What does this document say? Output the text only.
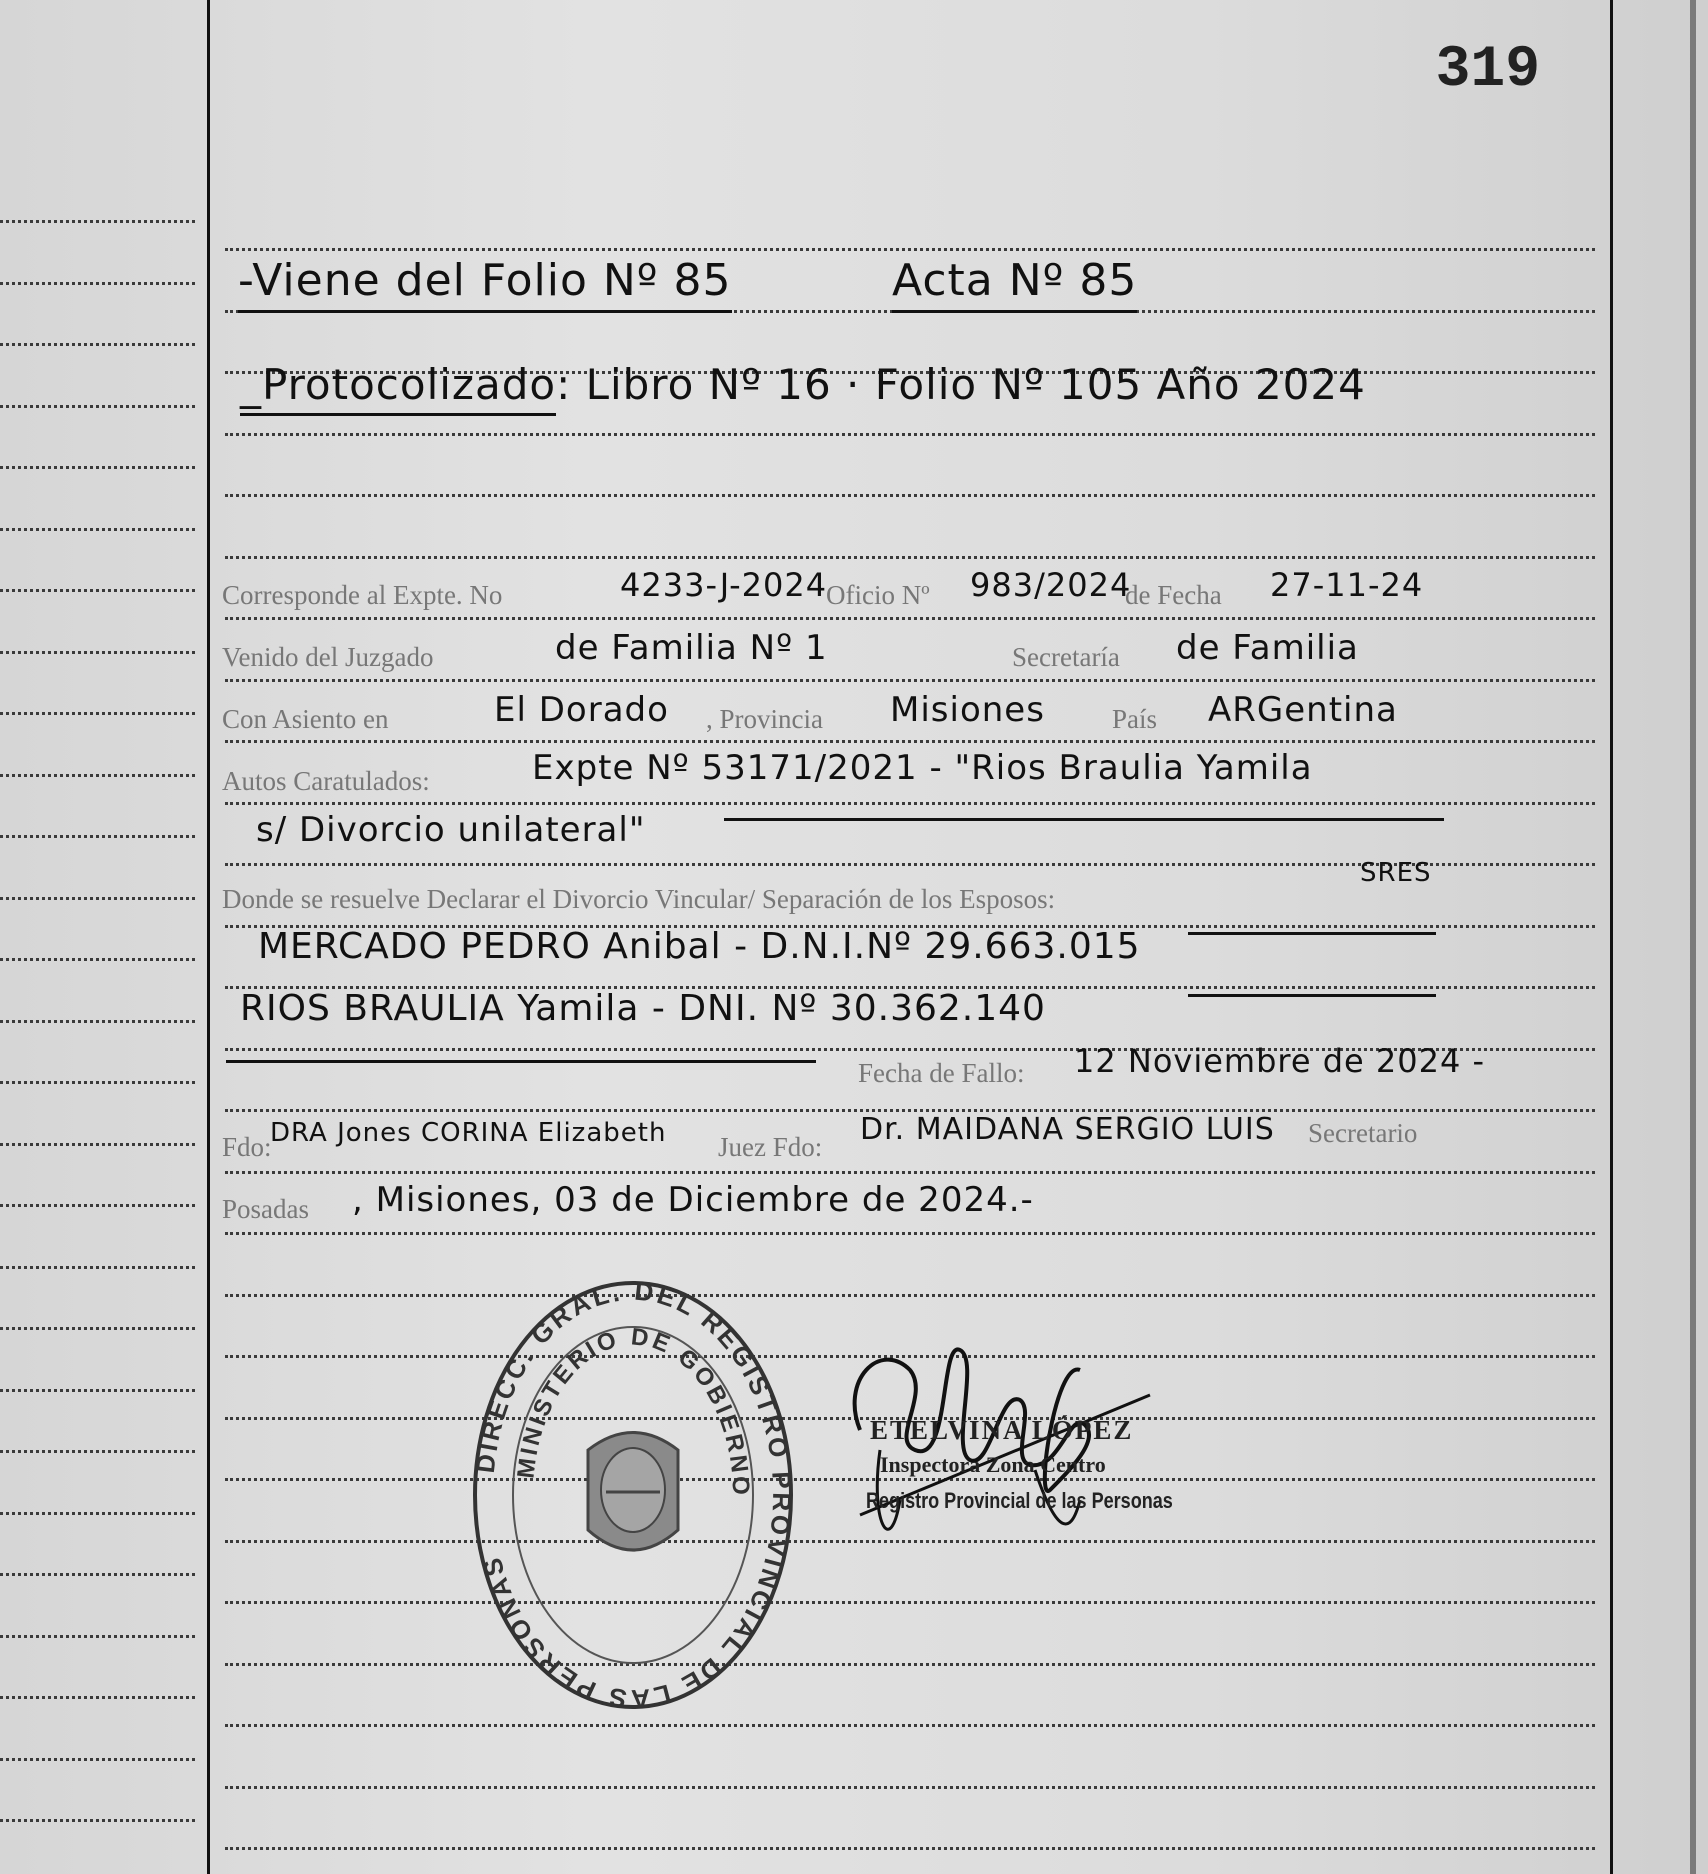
319
-Viene del Folio Nº 85	Acta Nº 85
_Protocolizado: Libro Nº 16 · Folio Nº 105 Año 2024
Corresponde al Expte. No	4233-J-2024
Oficio Nº 983/2024
de Fecha 27-11-24
Venido del Juzgado	de Familia Nº 1	Secretaría de Familia
Con Asiento en	El Dorado , Provincia Misiones País ARGentina
Autos Caratulados:	Expte Nº 53171/2021 - "Rios Braulia Yamila
s/ Divorcio unilateral"
Donde se resuelve Declarar el Divorcio Vincular/ Separación de los Esposos:
SRES
MERCADO PEDRO Anibal - D.N.I.Nº 29.663.015
RIOS BRAULIA Yamila - DNI. Nº 30.362.140
Fecha de Fallo: 12 Noviembre de 2024 -
Fdo:
DRA Jones CORINA Elizabeth Juez Fdo: Dr. MAIDANA SERGIO LUIS Secretario
Posadas , Misiones, 03 de Diciembre de 2024.-
DIRECC. GRAL. DEL REGISTRO PROVINCIAL DE LAS PERSONAS
MINISTERIO DE GOBIERNO
ETELVINA LÓPEZ
Inspectora Zona Centro
Registro Provincial de las Personas
